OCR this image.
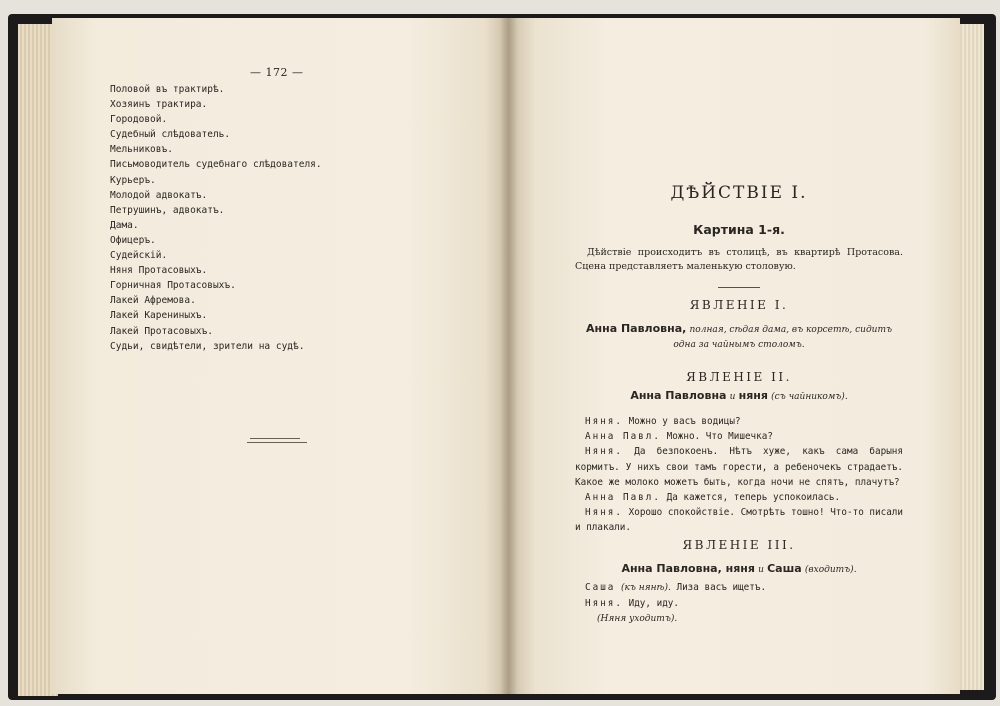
— 172 —
Половой въ трактирѣ.
Хозяинъ трактира.
Городовой.
Судебный слѣдователь.
Мельниковъ.
Письмоводитель судебнаго слѣдователя.
Курьеръ.
Молодой адвокатъ.
Петрушинъ, адвокатъ.
Дама.
Офицеръ.
Судейскій.
Няня Протасовыхъ.
Горничная Протасовыхъ.
Лакей Афремова.
Лакей Карениныхъ.
Лакей Протасовыхъ.
Судьи, свидѣтели, зрители на судѣ.
ДѢЙСТВІЕ I.
Картина 1-я.

Дѣйствіе происходитъ въ столицѣ, въ квартирѣ Протасова. Сцена представляетъ маленькую столовую.

ЯВЛЕНІЕ I.

Анна Павловна, полная, сѣдая дама, въ корсетѣ, сидитъ одна за чайнымъ столомъ.

ЯВЛЕНІЕ II.

Анна Павловна и няня (съ чайникомъ).

Няня. Можно у васъ водицы?

Анна Павл. Можно. Что Мишечка?

Няня. Да безпокоенъ. Нѣтъ хуже, какъ сама барыня кормитъ. У нихъ свои тамъ горести, а ребеночекъ страдаетъ. Какое же молоко можетъ быть, когда ночи не спятъ, плачутъ?

Анна Павл. Да кажется, теперь успокоилась.

Няня. Хорошо спокойствіе. Смотрѣть тошно! Что-то писали и плакали.

ЯВЛЕНІЕ III.

Анна Павловна, няня и Саша (входитъ).

Саша (къ нянѣ). Лиза васъ ищетъ.

Няня. Иду, иду.

(Няня уходитъ).
